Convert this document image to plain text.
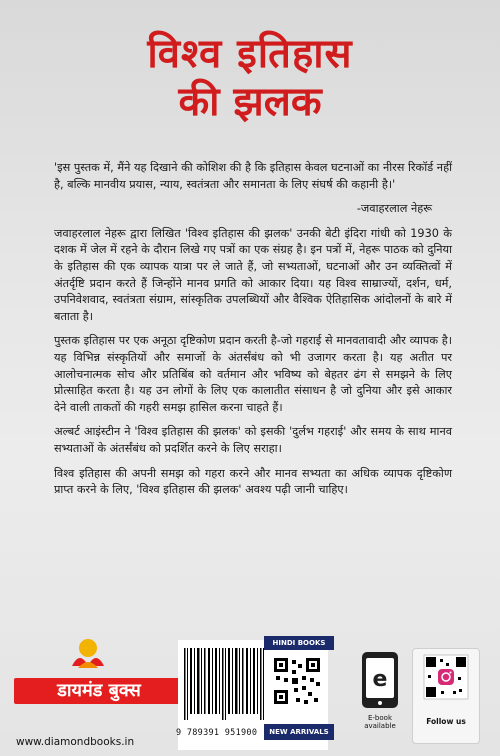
विश्व इतिहास
की झलक

'इस पुस्तक में, मैंने यह दिखाने की कोशिश की है कि इतिहास केवल घटनाओं का नीरस रिकॉर्ड नहीं है, बल्कि मानवीय प्रयास, न्याय, स्वतंत्रता और समानता के लिए संघर्ष की कहानी है।'

-जवाहरलाल नेहरू

जवाहरलाल नेहरू द्वारा लिखित 'विश्व इतिहास की झलक' उनकी बेटी इंदिरा गांधी को 1930 के दशक में जेल में रहने के दौरान लिखे गए पत्रों का एक संग्रह है। इन पत्रों में, नेहरू पाठक को दुनिया के इतिहास की एक व्यापक यात्रा पर ले जाते हैं, जो सभ्यताओं, घटनाओं और उन व्यक्तित्वों में अंतर्दृष्टि प्रदान करते हैं जिन्होंने मानव प्रगति को आकार दिया। यह विश्व साम्राज्यों, दर्शन, धर्म, उपनिवेशवाद, स्वतंत्रता संग्राम, सांस्कृतिक उपलब्धियों और वैश्विक ऐतिहासिक आंदोलनों के बारे में बताता है।

पुस्तक इतिहास पर एक अनूठा दृष्टिकोण प्रदान करती है-जो गहराई से मानवतावादी और व्यापक है। यह विभिन्न संस्कृतियों और समाजों के अंतर्संबंध को भी उजागर करता है। यह अतीत पर आलोचनात्मक सोच और प्रतिबिंब को वर्तमान और भविष्य को बेहतर ढंग से समझने के लिए प्रोत्साहित करता है। यह उन लोगों के लिए एक कालातीत संसाधन है जो दुनिया और इसे आकार देने वाली ताकतों की गहरी समझ हासिल करना चाहते हैं।

अल्बर्ट आइंस्टीन ने 'विश्व इतिहास की झलक' को इसकी 'दुर्लभ गहराई' और समय के साथ मानव सभ्यताओं के अंतर्संबंध को प्रदर्शित करने के लिए सराहा।

विश्व इतिहास की अपनी समझ को गहरा करने और मानव सभ्यता का अधिक व्यापक दृष्टिकोण प्राप्त करने के लिए, 'विश्व इतिहास की झलक' अवश्य पढ़ी जानी चाहिए।

डायमंड बुक्स
www.diamondbooks.in
9 789391 951900
HINDI BOOKS
NEW ARRIVALS
e
E-book available	Follow us
